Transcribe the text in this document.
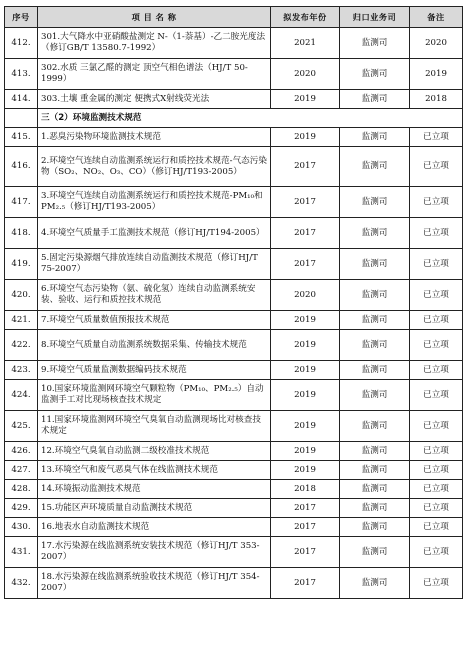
序号	项 目 名 称	拟发布年份	归口业务司	备注
412.	301.大气降水中亚硝酸盐测定 N-（1-萘基）-乙二胺光度法（修订GB/T 13580.7-1992）	2021	监测司	2020
413.	302.水质 三氯乙醛的测定 顶空气相色谱法（HJ/T 50-1999）	2020	监测司	2019
414.	303.土壤 重金属的测定 便携式X射线荧光法	2019	监测司	2018
	三（2）环境监测技术规范			
415.	1.恶臭污染物环境监测技术规范	2019	监测司	已立项
416.	2.环境空气连续自动监测系统运行和质控技术规范-气态污染物（SO₂、NO₂、O₃、CO）（修订HJ/T193-2005）	2017	监测司	已立项
417.	3.环境空气连续自动监测系统运行和质控技术规范-PM₁₀和PM₂.₅（修订HJ/T193-2005）	2017	监测司	已立项
418.	4.环境空气质量手工监测技术规范（修订HJ/T194-2005）	2017	监测司	已立项
419.	5.固定污染源烟气排放连续自动监测技术规范（修订HJ/T 75-2007）	2017	监测司	已立项
420.	6.环境空气态污染物（氨、硫化氢）连续自动监测系统安装、验收、运行和质控技术规范	2020	监测司	已立项
421.	7.环境空气质量数值预报技术规范	2019	监测司	已立项
422.	8.环境空气质量自动监测系统数据采集、传输技术规范	2019	监测司	已立项
423.	9.环境空气质量监测数据编码技术规范	2019	监测司	已立项
424.	10.国家环境监测网环境空气颗粒物（PM₁₀、PM₂.₅）自动监测手工对比现场核查技术规定	2019	监测司	已立项
425.	11.国家环境监测网环境空气臭氧自动监测现场比对核查技术规定	2019	监测司	已立项
426.	12.环境空气臭氧自动监测二级校准技术规范	2019	监测司	已立项
427.	13.环境空气和废气恶臭气体在线监测技术规范	2019	监测司	已立项
428.	14.环境振动监测技术规范	2018	监测司	已立项
429.	15.功能区声环境质量自动监测技术规范	2017	监测司	已立项
430.	16.地表水自动监测技术规范	2017	监测司	已立项
431.	17.水污染源在线监测系统安装技术规范（修订HJ/T 353-2007）	2017	监测司	已立项
432.	18.水污染源在线监测系统验收技术规范（修订HJ/T 354-2007）	2017	监测司	已立项
